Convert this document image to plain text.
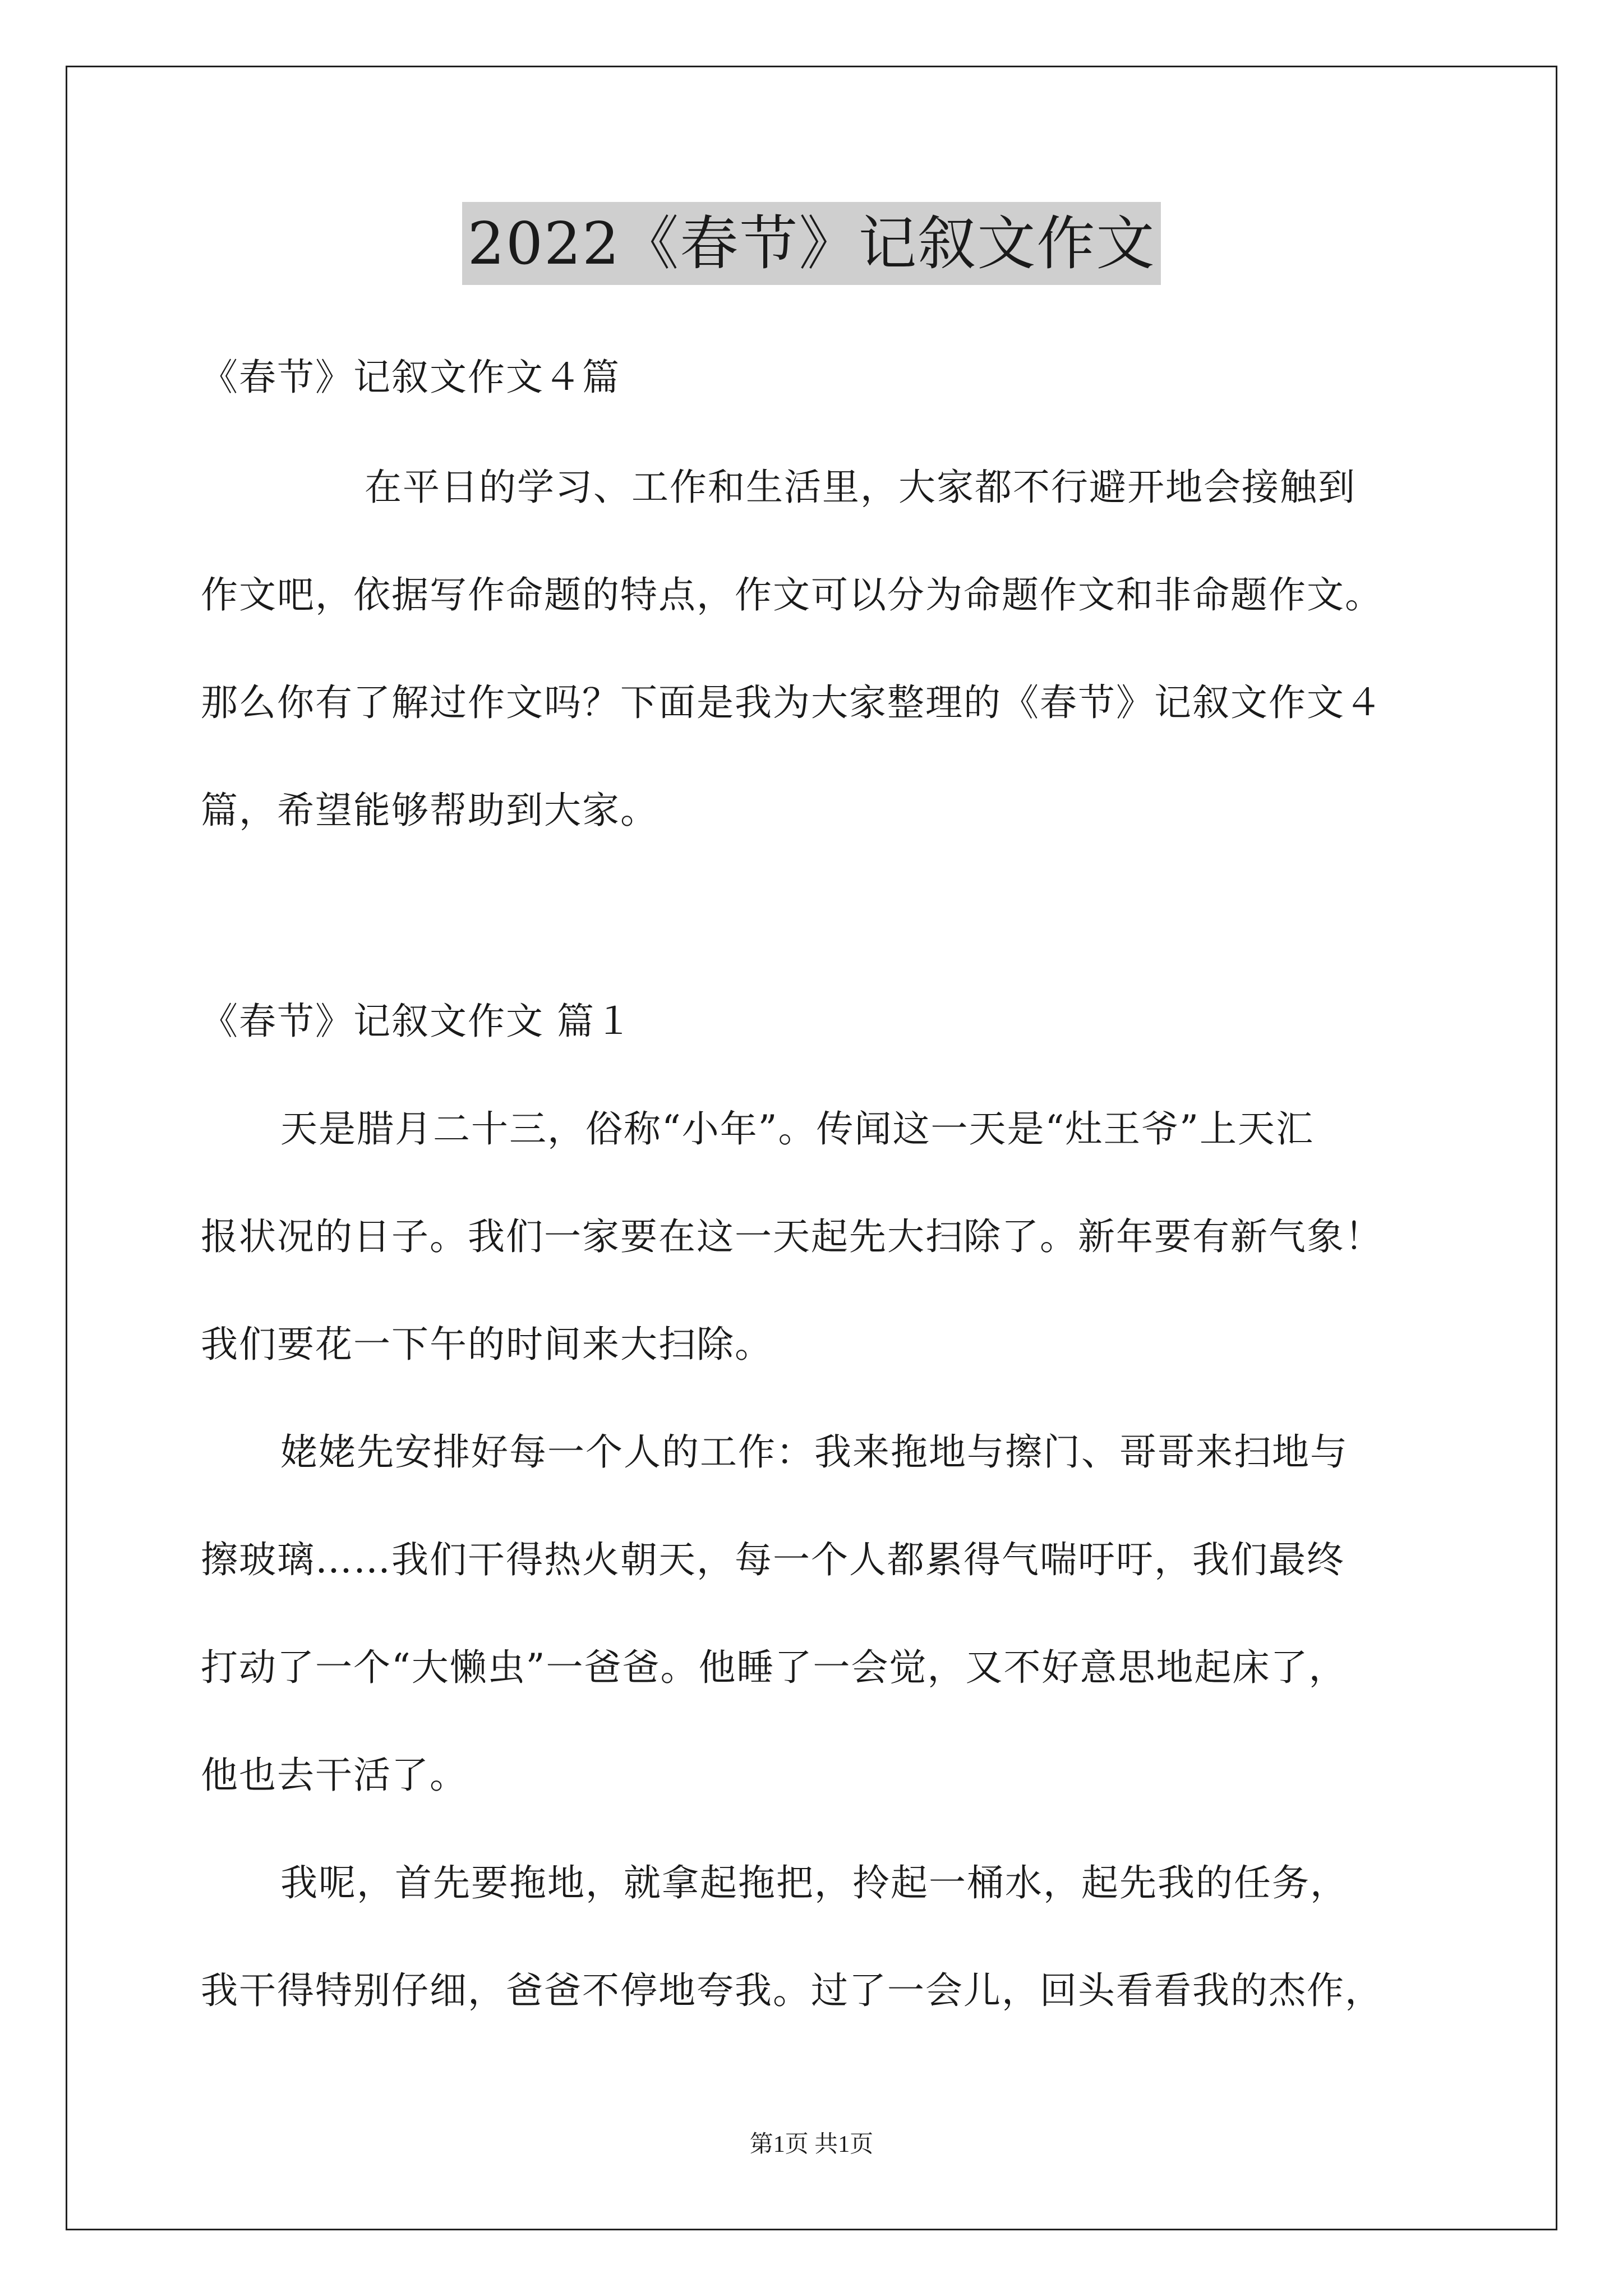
2022《春节》记叙文作文
《春节》记叙文作文４篇
在平日的学习、工作和生活里，大家都不行避开地会接触到
作文吧，依据写作命题的特点，作文可以分为命题作文和非命题作文。
那么你有了解过作文吗？下面是我为大家整理的《春节》记叙文作文４
篇，希望能够帮助到大家。
《春节》记叙文作文 篇１
天是腊月二十三，俗称“小年”。传闻这一天是“灶王爷”上天汇
报状况的日子。我们一家要在这一天起先大扫除了。新年要有新气象！
我们要花一下午的时间来大扫除。
姥姥先安排好每一个人的工作：我来拖地与擦门、哥哥来扫地与
擦玻璃……我们干得热火朝天，每一个人都累得气喘吁吁，我们最终
打动了一个“大懒虫”一爸爸。他睡了一会觉，又不好意思地起床了，
他也去干活了。
我呢，首先要拖地，就拿起拖把，拎起一桶水，起先我的任务，
我干得特别仔细，爸爸不停地夸我。过了一会儿，回头看看我的杰作，
第1页 共1页
